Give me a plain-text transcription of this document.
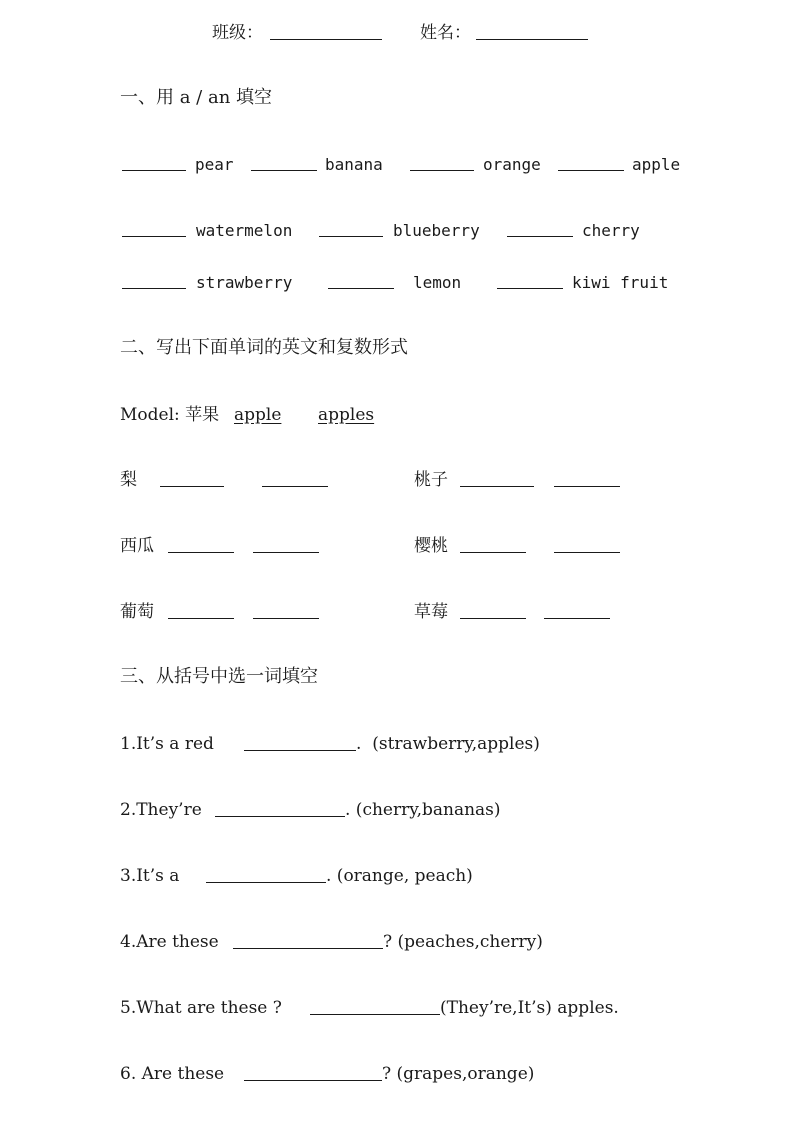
班级：	姓名：
一、用 a / an 填空
pear	banana	orange	apple
watermelon	blueberry	cherry
strawberry	lemon	kiwi fruit
二、写出下面单词的英文和复数形式
Model: 苹果 apple apples
梨	桃子
西瓜	樱桃
葡萄	草莓
三、从括号中选一词填空
1.It’s a red	.  (strawberry,apples)
2.They’re	. (cherry,bananas)
3.It’s a	. (orange, peach)
4.Are these	? (peaches,cherry)
5.What are these ?	(They’re,It’s) apples.
6. Are these	? (grapes,orange)
